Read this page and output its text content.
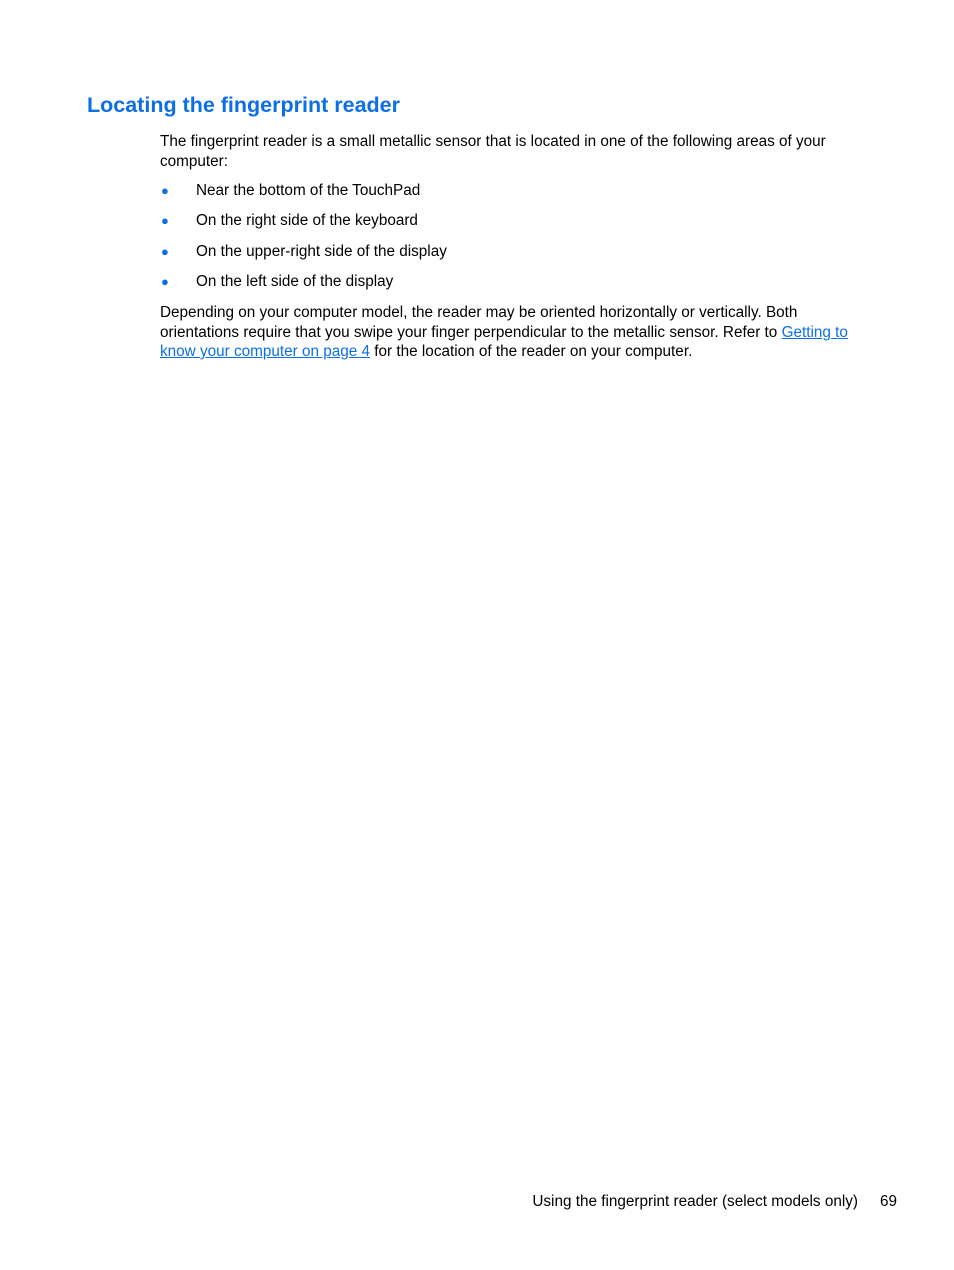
Locating the fingerprint reader

The fingerprint reader is a small metallic sensor that is located in one of the following areas of your computer:

● Near the bottom of the TouchPad
● On the right side of the keyboard
● On the upper-right side of the display
● On the left side of the display

Depending on your computer model, the reader may be oriented horizontally or vertically. Both orientations require that you swipe your finger perpendicular to the metallic sensor. Refer to Getting to know your computer on page 4 for the location of the reader on your computer.

Using the fingerprint reader (select models only) 69
